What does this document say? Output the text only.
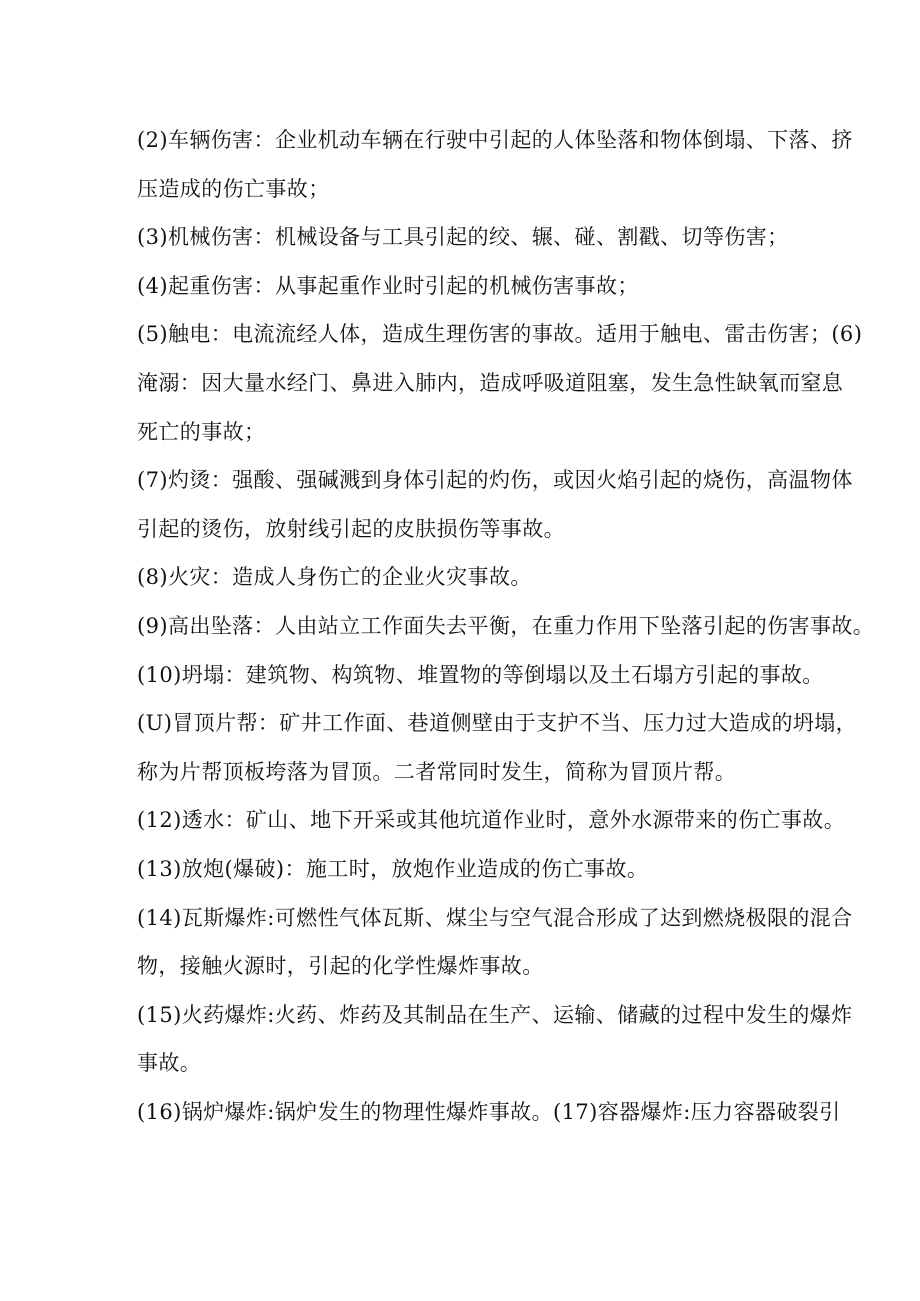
(2)车辆伤害：企业机动车辆在行驶中引起的人体坠落和物体倒塌、下落、挤
压造成的伤亡事故；
(3)机械伤害：机械设备与工具引起的绞、辗、碰、割戳、切等伤害；
(4)起重伤害：从事起重作业时引起的机械伤害事故；
(5)触电：电流流经人体，造成生理伤害的事故。适用于触电、雷击伤害；(6)
淹溺：因大量水经门、鼻进入肺内，造成呼吸道阻塞，发生急性缺氧而窒息
死亡的事故；
(7)灼烫：强酸、强碱溅到身体引起的灼伤，或因火焰引起的烧伤，高温物体
引起的烫伤，放射线引起的皮肤损伤等事故。
(8)火灾：造成人身伤亡的企业火灾事故。
(9)高出坠落：人由站立工作面失去平衡，在重力作用下坠落引起的伤害事故。
(10)坍塌：建筑物、构筑物、堆置物的等倒塌以及土石塌方引起的事故。
(U)冒顶片帮：矿井工作面、巷道侧壁由于支护不当、压力过大造成的坍塌，
称为片帮顶板垮落为冒顶。二者常同时发生，简称为冒顶片帮。
(12)透水：矿山、地下开采或其他坑道作业时，意外水源带来的伤亡事故。
(13)放炮(爆破)：施工时，放炮作业造成的伤亡事故。
(14)瓦斯爆炸:可燃性气体瓦斯、煤尘与空气混合形成了达到燃烧极限的混合
物，接触火源时，引起的化学性爆炸事故。
(15)火药爆炸:火药、炸药及其制品在生产、运输、储藏的过程中发生的爆炸
事故。
(16)锅炉爆炸:锅炉发生的物理性爆炸事故。(17)容器爆炸:压力容器破裂引
